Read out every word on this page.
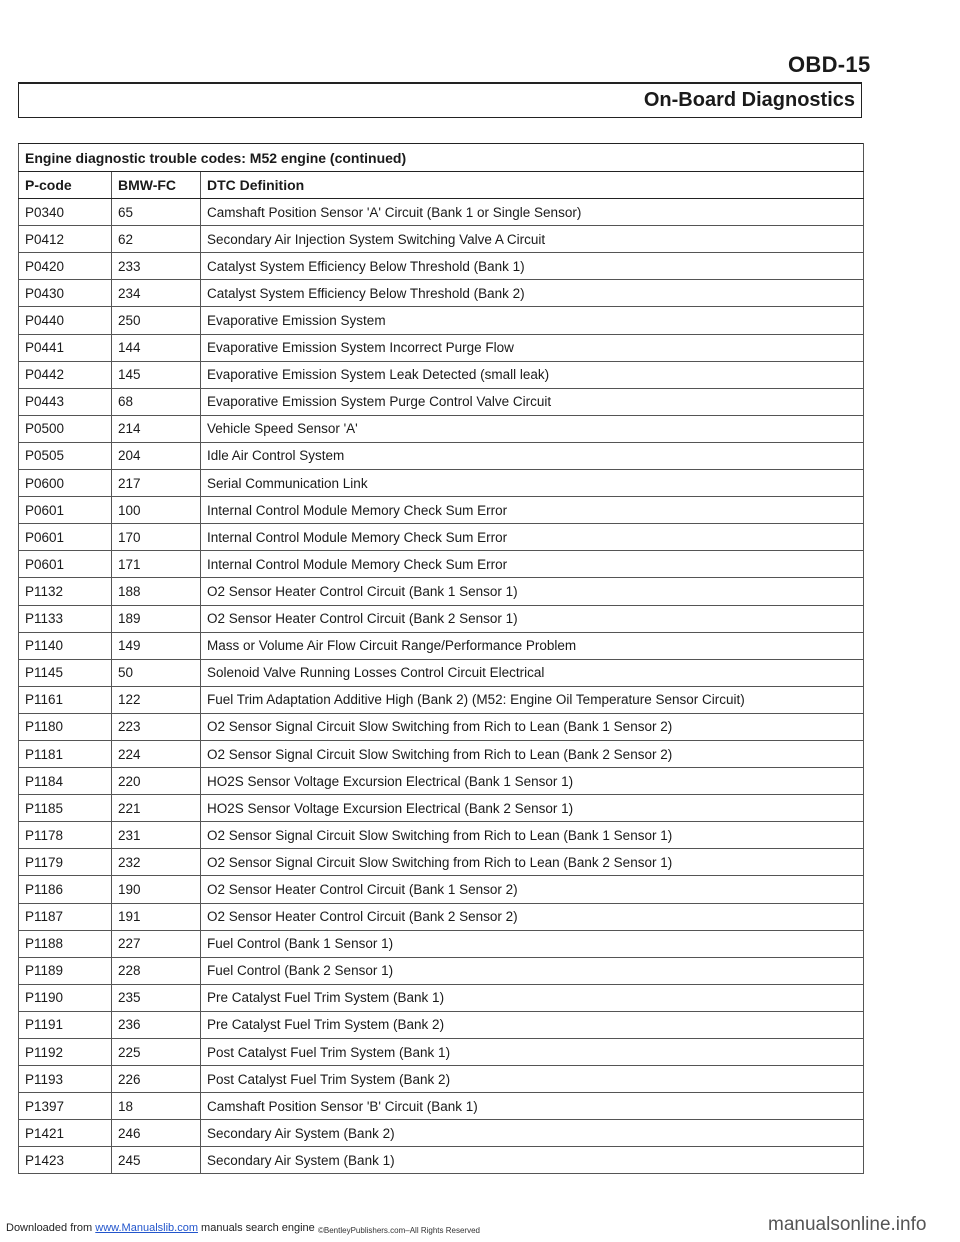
OBD-15
On-Board Diagnostics
Engine diagnostic trouble codes: M52 engine (continued)		
P-code	BMW-FC	DTC Definition
P0340	65	Camshaft Position Sensor 'A' Circuit (Bank 1 or Single Sensor)
P0412	62	Secondary Air Injection System Switching Valve A Circuit
P0420	233	Catalyst System Efficiency Below Threshold (Bank 1)
P0430	234	Catalyst System Efficiency Below Threshold (Bank 2)
P0440	250	Evaporative Emission System
P0441	144	Evaporative Emission System Incorrect Purge Flow
P0442	145	Evaporative Emission System Leak Detected (small leak)
P0443	68	Evaporative Emission System Purge Control Valve Circuit
P0500	214	Vehicle Speed Sensor 'A'
P0505	204	Idle Air Control System
P0600	217	Serial Communication Link
P0601	100	Internal Control Module Memory Check Sum Error
P0601	170	Internal Control Module Memory Check Sum Error
P0601	171	Internal Control Module Memory Check Sum Error
P1132	188	O2 Sensor Heater Control Circuit (Bank 1 Sensor 1)
P1133	189	O2 Sensor Heater Control Circuit (Bank 2 Sensor 1)
P1140	149	Mass or Volume Air Flow Circuit Range/Performance Problem
P1145	50	Solenoid Valve Running Losses Control Circuit Electrical
P1161	122	Fuel Trim Adaptation Additive High (Bank 2) (M52: Engine Oil Temperature Sensor Circuit)
P1180	223	O2 Sensor Signal Circuit Slow Switching from Rich to Lean (Bank 1 Sensor 2)
P1181	224	O2 Sensor Signal Circuit Slow Switching from Rich to Lean (Bank 2 Sensor 2)
P1184	220	HO2S Sensor Voltage Excursion Electrical (Bank 1 Sensor 1)
P1185	221	HO2S Sensor Voltage Excursion Electrical (Bank 2 Sensor 1)
P1178	231	O2 Sensor Signal Circuit Slow Switching from Rich to Lean (Bank 1 Sensor 1)
P1179	232	O2 Sensor Signal Circuit Slow Switching from Rich to Lean (Bank 2 Sensor 1)
P1186	190	O2 Sensor Heater Control Circuit (Bank 1 Sensor 2)
P1187	191	O2 Sensor Heater Control Circuit (Bank 2 Sensor 2)
P1188	227	Fuel Control (Bank 1 Sensor 1)
P1189	228	Fuel Control (Bank 2 Sensor 1)
P1190	235	Pre Catalyst Fuel Trim System (Bank 1)
P1191	236	Pre Catalyst Fuel Trim System (Bank 2)
P1192	225	Post Catalyst Fuel Trim System (Bank 1)
P1193	226	Post Catalyst Fuel Trim System (Bank 2)
P1397	18	Camshaft Position Sensor 'B' Circuit (Bank 1)
P1421	246	Secondary Air System (Bank 2)
P1423	245	Secondary Air System (Bank 1)
Downloaded from www.Manualslib.com manuals search engine ©BentleyPublishers.com–All Rights Reserved	manualsonline.info
